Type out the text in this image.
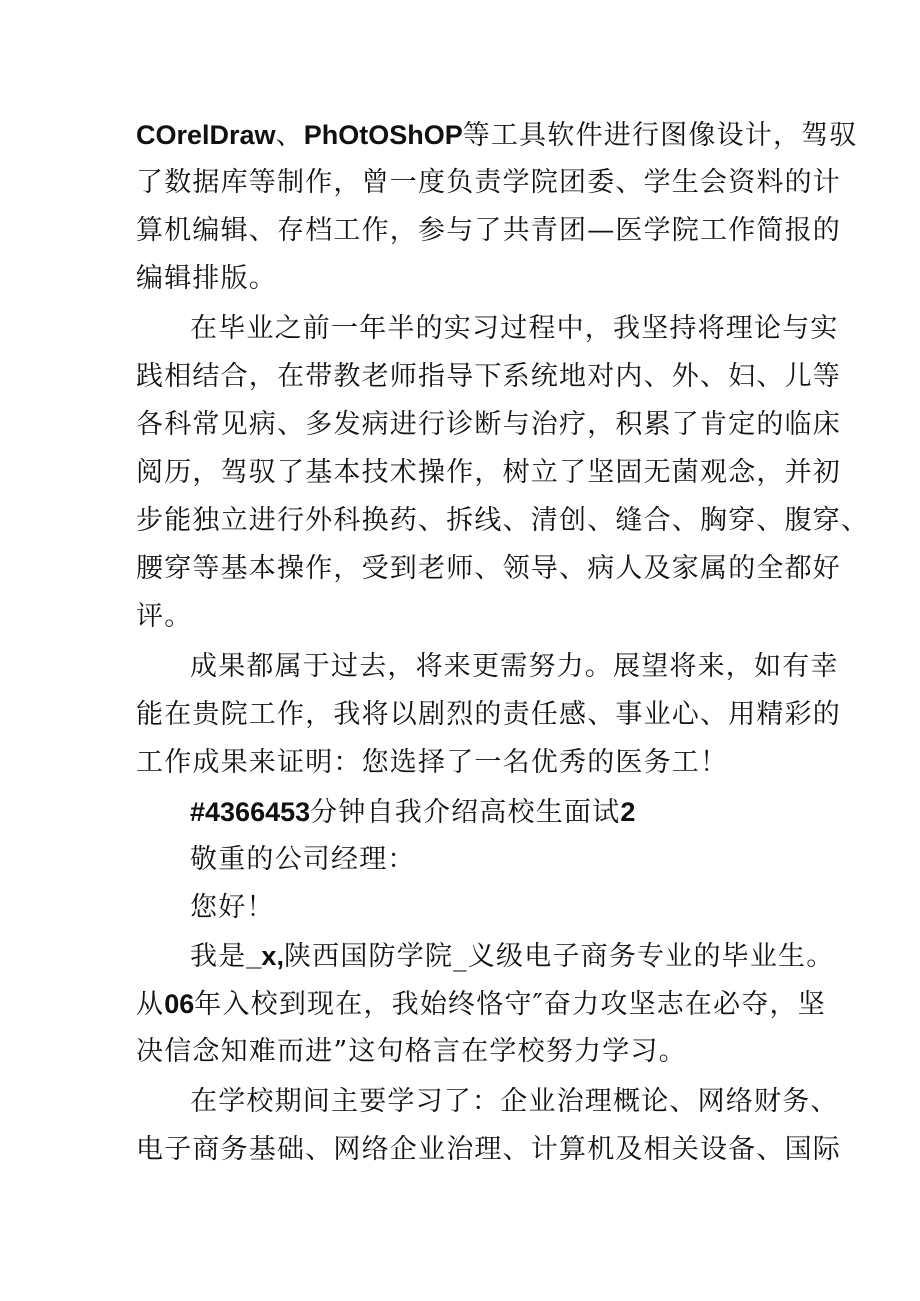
COrelDraw、PhOtOShOP等工具软件进行图像设计，驾驭
了数据库等制作，曾一度负责学院团委、学生会资料的计
算机编辑、存档工作，参与了共青团—医学院工作简报的
编辑排版。
在毕业之前一年半的实习过程中，我坚持将理论与实
践相结合，在带教老师指导下系统地对内、外、妇、儿等
各科常见病、多发病进行诊断与治疗，积累了肯定的临床
阅历，驾驭了基本技术操作，树立了坚固无菌观念，并初
步能独立进行外科换药、拆线、清创、缝合、胸穿、腹穿、
腰穿等基本操作，受到老师、领导、病人及家属的全都好
评。
成果都属于过去，将来更需努力。展望将来，如有幸
能在贵院工作，我将以剧烈的责任感、事业心、用精彩的
工作成果来证明：您选择了一名优秀的医务工！
#4366453分钟自我介绍高校生面试2
敬重的公司经理：
您好！
我是_x,陕西国防学院_义级电子商务专业的毕业生。
从06年入校到现在，我始终恪守″奋力攻坚志在必夺，坚
决信念知难而进”这句格言在学校努力学习。
在学校期间主要学习了：企业治理概论、网络财务、
电子商务基础、网络企业治理、计算机及相关设备、国际
